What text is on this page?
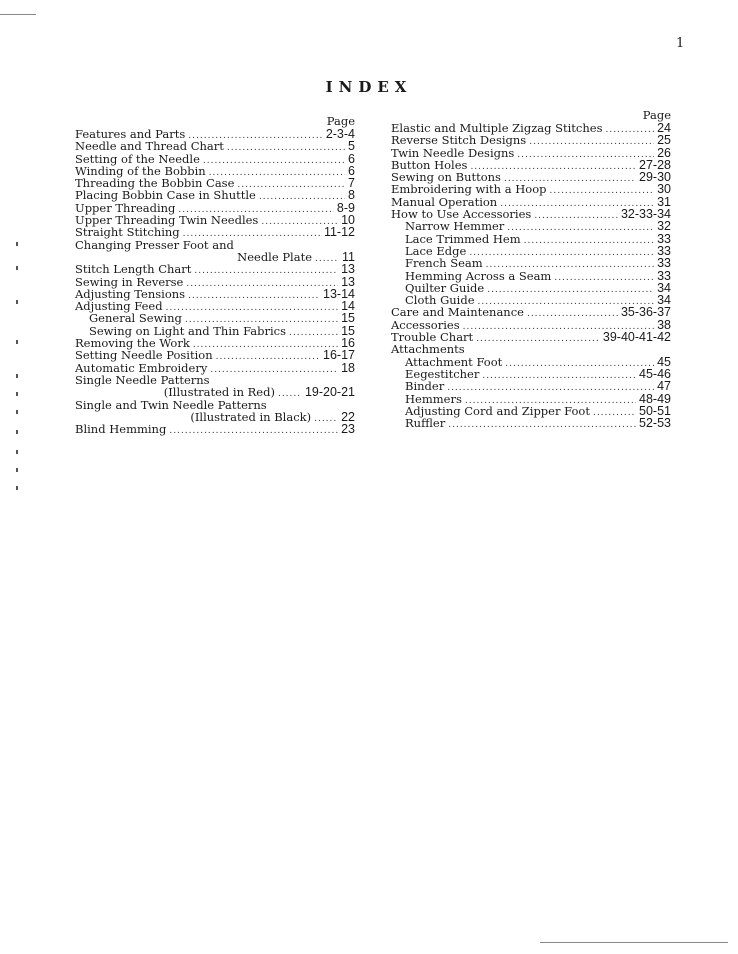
1
INDEX
Page
Features and Parts .....	2-3-4
Needle and Thread Chart .....	5
Setting of the Needle .....	6
Winding of the Bobbin .....	6
Threading the Bobbin Case .....	7
Placing Bobbin Case in Shuttle .....	8
Upper Threading .....	8-9
Upper Threading Twin Needles .....	10
Straight Stitching .....	11-12
Changing Presser Foot and
Needle Plate ..... 11
Stitch Length Chart .....	13
Sewing in Reverse .....	13
Adjusting Tensions .....	13-14
Adjusting Feed .....	14
General Sewing .....	15
Sewing on Light and Thin Fabrics .....	15
Removing the Work .....	16
Setting Needle Position .....	16-17
Automatic Embroidery .....	18
Single Needle Patterns
(Illustrated in Red) ..... 19-20-21
Single and Twin Needle Patterns
(Illustrated in Black) ..... 22
Blind Hemming .....	23
Page
Elastic and Multiple Zigzag Stitches .....	24
Reverse Stitch Designs .....	25
Twin Needle Designs .....	26
Button Holes .....	27-28
Sewing on Buttons .....	29-30
Embroidering with a Hoop .....	30
Manual Operation .....	31
How to Use Accessories .....	32-33-34
Narrow Hemmer .....	32
Lace Trimmed Hem .....	33
Lace Edge .....	33
French Seam .....	33
Hemming Across a Seam .....	33
Quilter Guide .....	34
Cloth Guide .....	34
Care and Maintenance .....	35-36-37
Accessories .....	38
Trouble Chart .....	39-40-41-42
Attachments
Attachment Foot .....	45
Eegestitcher .....	45-46
Binder .....	47
Hemmers .....	48-49
Adjusting Cord and Zipper Foot .....	50-51
Ruffler .....	52-53
